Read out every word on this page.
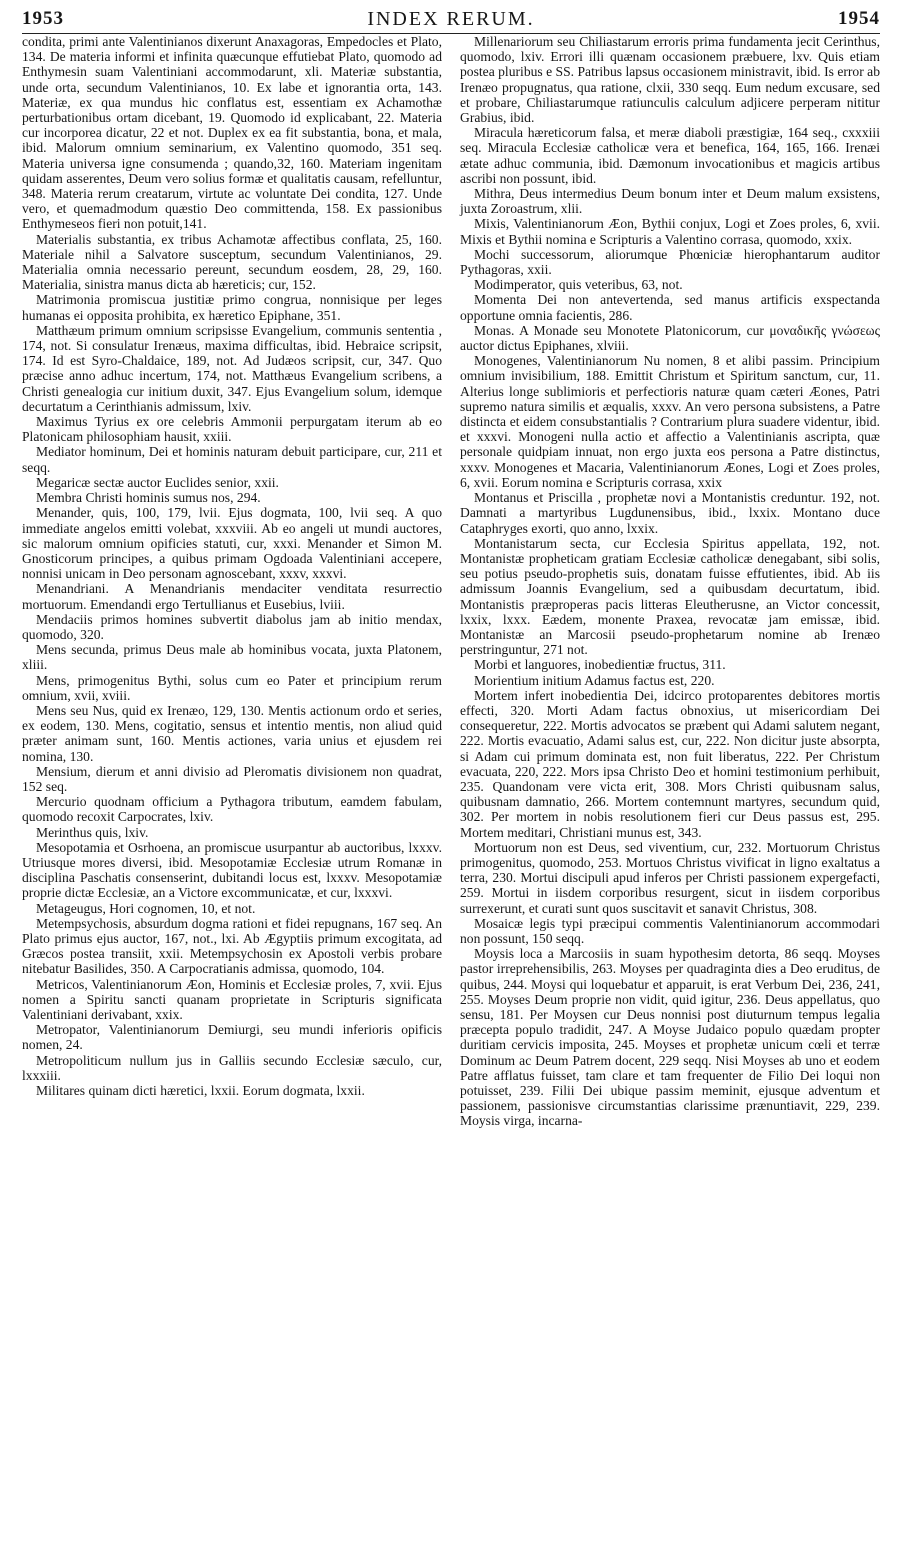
1953	INDEX RERUM.	1954

condita, primi ante Valentinianos dixerunt Anaxagoras, Empedocles et Plato, 134. De materia informi et infinita quæcunque effutiebat Plato, quomodo ad Enthymesin suam Valentiniani accommodarunt, xli. Materiæ substantia, unde orta, secundum Valentinianos, 10. Ex labe et ignorantia orta, 143. Materiæ, ex qua mundus hic conflatus est, essentiam ex Achamothæ perturbationibus ortam dicebant, 19. Quomodo id explicabant, 22. Materia cur incorporea dicatur, 22 et not. Duplex ex ea fit substantia, bona, et mala, ibid. Malorum omnium seminarium, ex Valentino quomodo, 351 seq. Materia universa igne consumenda ; quando,32, 160. Materiam ingenitam quidam asserentes, Deum vero solius formæ et qualitatis causam, refelluntur, 348. Materia rerum creatarum, virtute ac voluntate Dei condita, 127. Unde vero, et quemadmodum quæstio Deo committenda, 158. Ex passionibus Enthymeseos fieri non potuit,141.

Materialis substantia, ex tribus Achamotæ affectibus conflata, 25, 160. Materiale nihil a Salvatore susceptum, secundum Valentinianos, 29. Materialia omnia necessario pereunt, secundum eosdem, 28, 29, 160. Materialia, sinistra manus dicta ab hæreticis; cur, 152.

Matrimonia promiscua justitiæ primo congrua, nonnisique per leges humanas ei opposita prohibita, ex hæretico Epiphane, 351.

Matthæum primum omnium scripsisse Evangelium, communis sententia , 174, not. Si consulatur Irenæus, maxima difficultas, ibid. Hebraice scripsit, 174. Id est Syro-Chaldaice, 189, not. Ad Judæos scripsit, cur, 347. Quo præcise anno adhuc incertum, 174, not. Matthæus Evangelium scribens, a Christi genealogia cur initium duxit, 347. Ejus Evangelium solum, idemque decurtatum a Cerinthianis admissum, lxiv.

Maximus Tyrius ex ore celebris Ammonii perpurgatam iterum ab eo Platonicam philosophiam hausit, xxiii.

Mediator hominum, Dei et hominis naturam debuit participare, cur, 211 et seqq.

Megaricæ sectæ auctor Euclides senior, xxii.

Membra Christi hominis sumus nos, 294.

Menander, quis, 100, 179, lvii. Ejus dogmata, 100, lvii seq. A quo immediate angelos emitti volebat, xxxviii. Ab eo angeli ut mundi auctores, sic malorum omnium opificies statuti, cur, xxxi. Menander et Simon M. Gnosticorum principes, a quibus primam Ogdoada Valentiniani accepere, nonnisi unicam in Deo personam agnoscebant, xxxv, xxxvi.

Menandriani. A Menandrianis mendaciter venditata resurrectio mortuorum. Emendandi ergo Tertullianus et Eusebius, lviii.

Mendaciis primos homines subvertit diabolus jam ab initio mendax, quomodo, 320.

Mens secunda, primus Deus male ab hominibus vocata, juxta Platonem, xliii.

Mens, primogenitus Bythi, solus cum eo Pater et principium rerum omnium, xvii, xviii.

Mens seu Nus, quid ex Irenæo, 129, 130. Mentis actionum ordo et series, ex eodem, 130. Mens, cogitatio, sensus et intentio mentis, non aliud quid præter animam sunt, 160. Mentis actiones, varia unius et ejusdem rei nomina, 130.

Mensium, dierum et anni divisio ad Pleromatis divisionem non quadrat, 152 seq.

Mercurio quodnam officium a Pythagora tributum, eamdem fabulam, quomodo recoxit Carpocrates, lxiv.

Merinthus quis, lxiv.

Mesopotamia et Osrhoena, an promiscue usurpantur ab auctoribus, lxxxv. Utriusque mores diversi, ibid. Mesopotamiæ Ecclesiæ utrum Romanæ in disciplina Paschatis consenserint, dubitandi locus est, lxxxv. Mesopotamiæ proprie dictæ Ecclesiæ, an a Victore excommunicatæ, et cur, lxxxvi.

Metageugus, Hori cognomen, 10, et not.

Metempsychosis, absurdum dogma rationi et fidei repugnans, 167 seq. An Plato primus ejus auctor, 167, not., lxi. Ab Ægyptiis primum excogitata, ad Græcos postea transiit, xxii. Metempsychosin ex Apostoli verbis probare nitebatur Basilides, 350. A Carpocratianis admissa, quomodo, 104.

Metricos, Valentinianorum Æon, Hominis et Ecclesiæ proles, 7, xvii. Ejus nomen a Spiritu sancti quanam proprietate in Scripturis significata Valentiniani derivabant, xxix.

Metropator, Valentinianorum Demiurgi, seu mundi inferioris opificis nomen, 24.

Metropoliticum nullum jus in Galliis secundo Ecclesiæ sæculo, cur, lxxxiii.

Militares quinam dicti hæretici, lxxii. Eorum dogmata, lxxii.

Millenariorum seu Chiliastarum erroris prima fundamenta jecit Cerinthus, quomodo, lxiv. Errori illi quænam occasionem præbuere, lxv. Quis etiam postea pluribus e SS. Patribus lapsus occasionem ministravit, ibid. Is error ab Irenæo propugnatus, qua ratione, clxii, 330 seqq. Eum nedum excusare, sed et probare, Chiliastarumque ratiunculis calculum adjicere perperam nititur Grabius, ibid.

Miracula hæreticorum falsa, et meræ diaboli præstigiæ, 164 seq., cxxxiii seq. Miracula Ecclesiæ catholicæ vera et benefica, 164, 165, 166. Irenæi ætate adhuc communia, ibid. Dæmonum invocationibus et magicis artibus ascribi non possunt, ibid.

Mithra, Deus intermedius Deum bonum inter et Deum malum exsistens, juxta Zoroastrum, xlii.

Mixis, Valentinianorum Æon, Bythii conjux, Logi et Zoes proles, 6, xvii. Mixis et Bythii nomina e Scripturis a Valentino corrasa, quomodo, xxix.

Mochi successorum, aliorumque Phœniciæ hierophantarum auditor Pythagoras, xxii.

Modimperator, quis veteribus, 63, not.

Momenta Dei non antevertenda, sed manus artificis exspectanda opportune omnia facientis, 286.

Monas. A Monade seu Monotete Platonicorum, cur μοναδικῆς γνώσεως auctor dictus Epiphanes, xlviii.

Monogenes, Valentinianorum Nu nomen, 8 et alibi passim. Principium omnium invisibilium, 188. Emittit Christum et Spiritum sanctum, cur, 11. Alterius longe sublimioris et perfectioris naturæ quam cæteri Æones, Patri supremo natura similis et æqualis, xxxv. An vero persona subsistens, a Patre distincta et eidem consubstantialis ? Contrarium plura suadere videntur, ibid. et xxxvi. Monogeni nulla actio et affectio a Valentinianis ascripta, quæ personale quidpiam innuat, non ergo juxta eos persona a Patre distinctus, xxxv. Monogenes et Macaria, Valentinianorum Æones, Logi et Zoes proles, 6, xvii. Eorum nomina e Scripturis corrasa, xxix

Montanus et Priscilla , prophetæ novi a Montanistis creduntur. 192, not. Damnati a martyribus Lugdunensibus, ibid., lxxix. Montano duce Cataphryges exorti, quo anno, lxxix.

Montanistarum secta, cur Ecclesia Spiritus appellata, 192, not. Montanistæ propheticam gratiam Ecclesiæ catholicæ denegabant, sibi solis, seu potius pseudo-prophetis suis, donatam fuisse effutientes, ibid. Ab iis admissum Joannis Evangelium, sed a quibusdam decurtatum, ibid. Montanistis præproperas pacis litteras Eleutherusne, an Victor concessit, lxxix, lxxx. Eædem, monente Praxea, revocatæ jam emissæ, ibid. Montanistæ an Marcosii pseudo-prophetarum nomine ab Irenæo perstringuntur, 271 not.

Morbi et languores, inobedientiæ fructus, 311.

Morientium initium Adamus factus est, 220.

Mortem infert inobedientia Dei, idcirco protoparentes debitores mortis effecti, 320. Morti Adam factus obnoxius, ut misericordiam Dei consequeretur, 222. Mortis advocatos se præbent qui Adami salutem negant, 222. Mortis evacuatio, Adami salus est, cur, 222. Non dicitur juste absorpta, si Adam cui primum dominata est, non fuit liberatus, 222. Per Christum evacuata, 220, 222. Mors ipsa Christo Deo et homini testimonium perhibuit, 235. Quandonam vere victa erit, 308. Mors Christi quibusnam salus, quibusnam damnatio, 266. Mortem contemnunt martyres, secundum quid, 302. Per mortem in nobis resolutionem fieri cur Deus passus est, 295. Mortem meditari, Christiani munus est, 343.

Mortuorum non est Deus, sed viventium, cur, 232. Mortuorum Christus primogenitus, quomodo, 253. Mortuos Christus vivificat in ligno exaltatus a terra, 230. Mortui discipuli apud inferos per Christi passionem expergefacti, 259. Mortui in iisdem corporibus resurgent, sicut in iisdem corporibus surrexerunt, et curati sunt quos suscitavit et sanavit Christus, 308.

Mosaicæ legis typi præcipui commentis Valentinianorum accommodari non possunt, 150 seqq.

Moysis loca a Marcosiis in suam hypothesim detorta, 86 seqq. Moyses pastor irreprehensibilis, 263. Moyses per quadraginta dies a Deo eruditus, de quibus, 244. Moysi qui loquebatur et apparuit, is erat Verbum Dei, 236, 241, 255. Moyses Deum proprie non vidit, quid igitur, 236. Deus appellatus, quo sensu, 181. Per Moysen cur Deus nonnisi post diuturnum tempus legalia præcepta populo tradidit, 247. A Moyse Judaico populo quædam propter duritiam cervicis imposita, 245. Moyses et prophetæ unicum cœli et terræ Dominum ac Deum Patrem docent, 229 seqq. Nisi Moyses ab uno et eodem Patre afflatus fuisset, tam clare et tam frequenter de Filio Dei loqui non potuisset, 239. Filii Dei ubique passim meminit, ejusque adventum et passionem, passionisve circumstantias clarissime prænuntiavit, 229, 239. Moysis virga, incarna-
